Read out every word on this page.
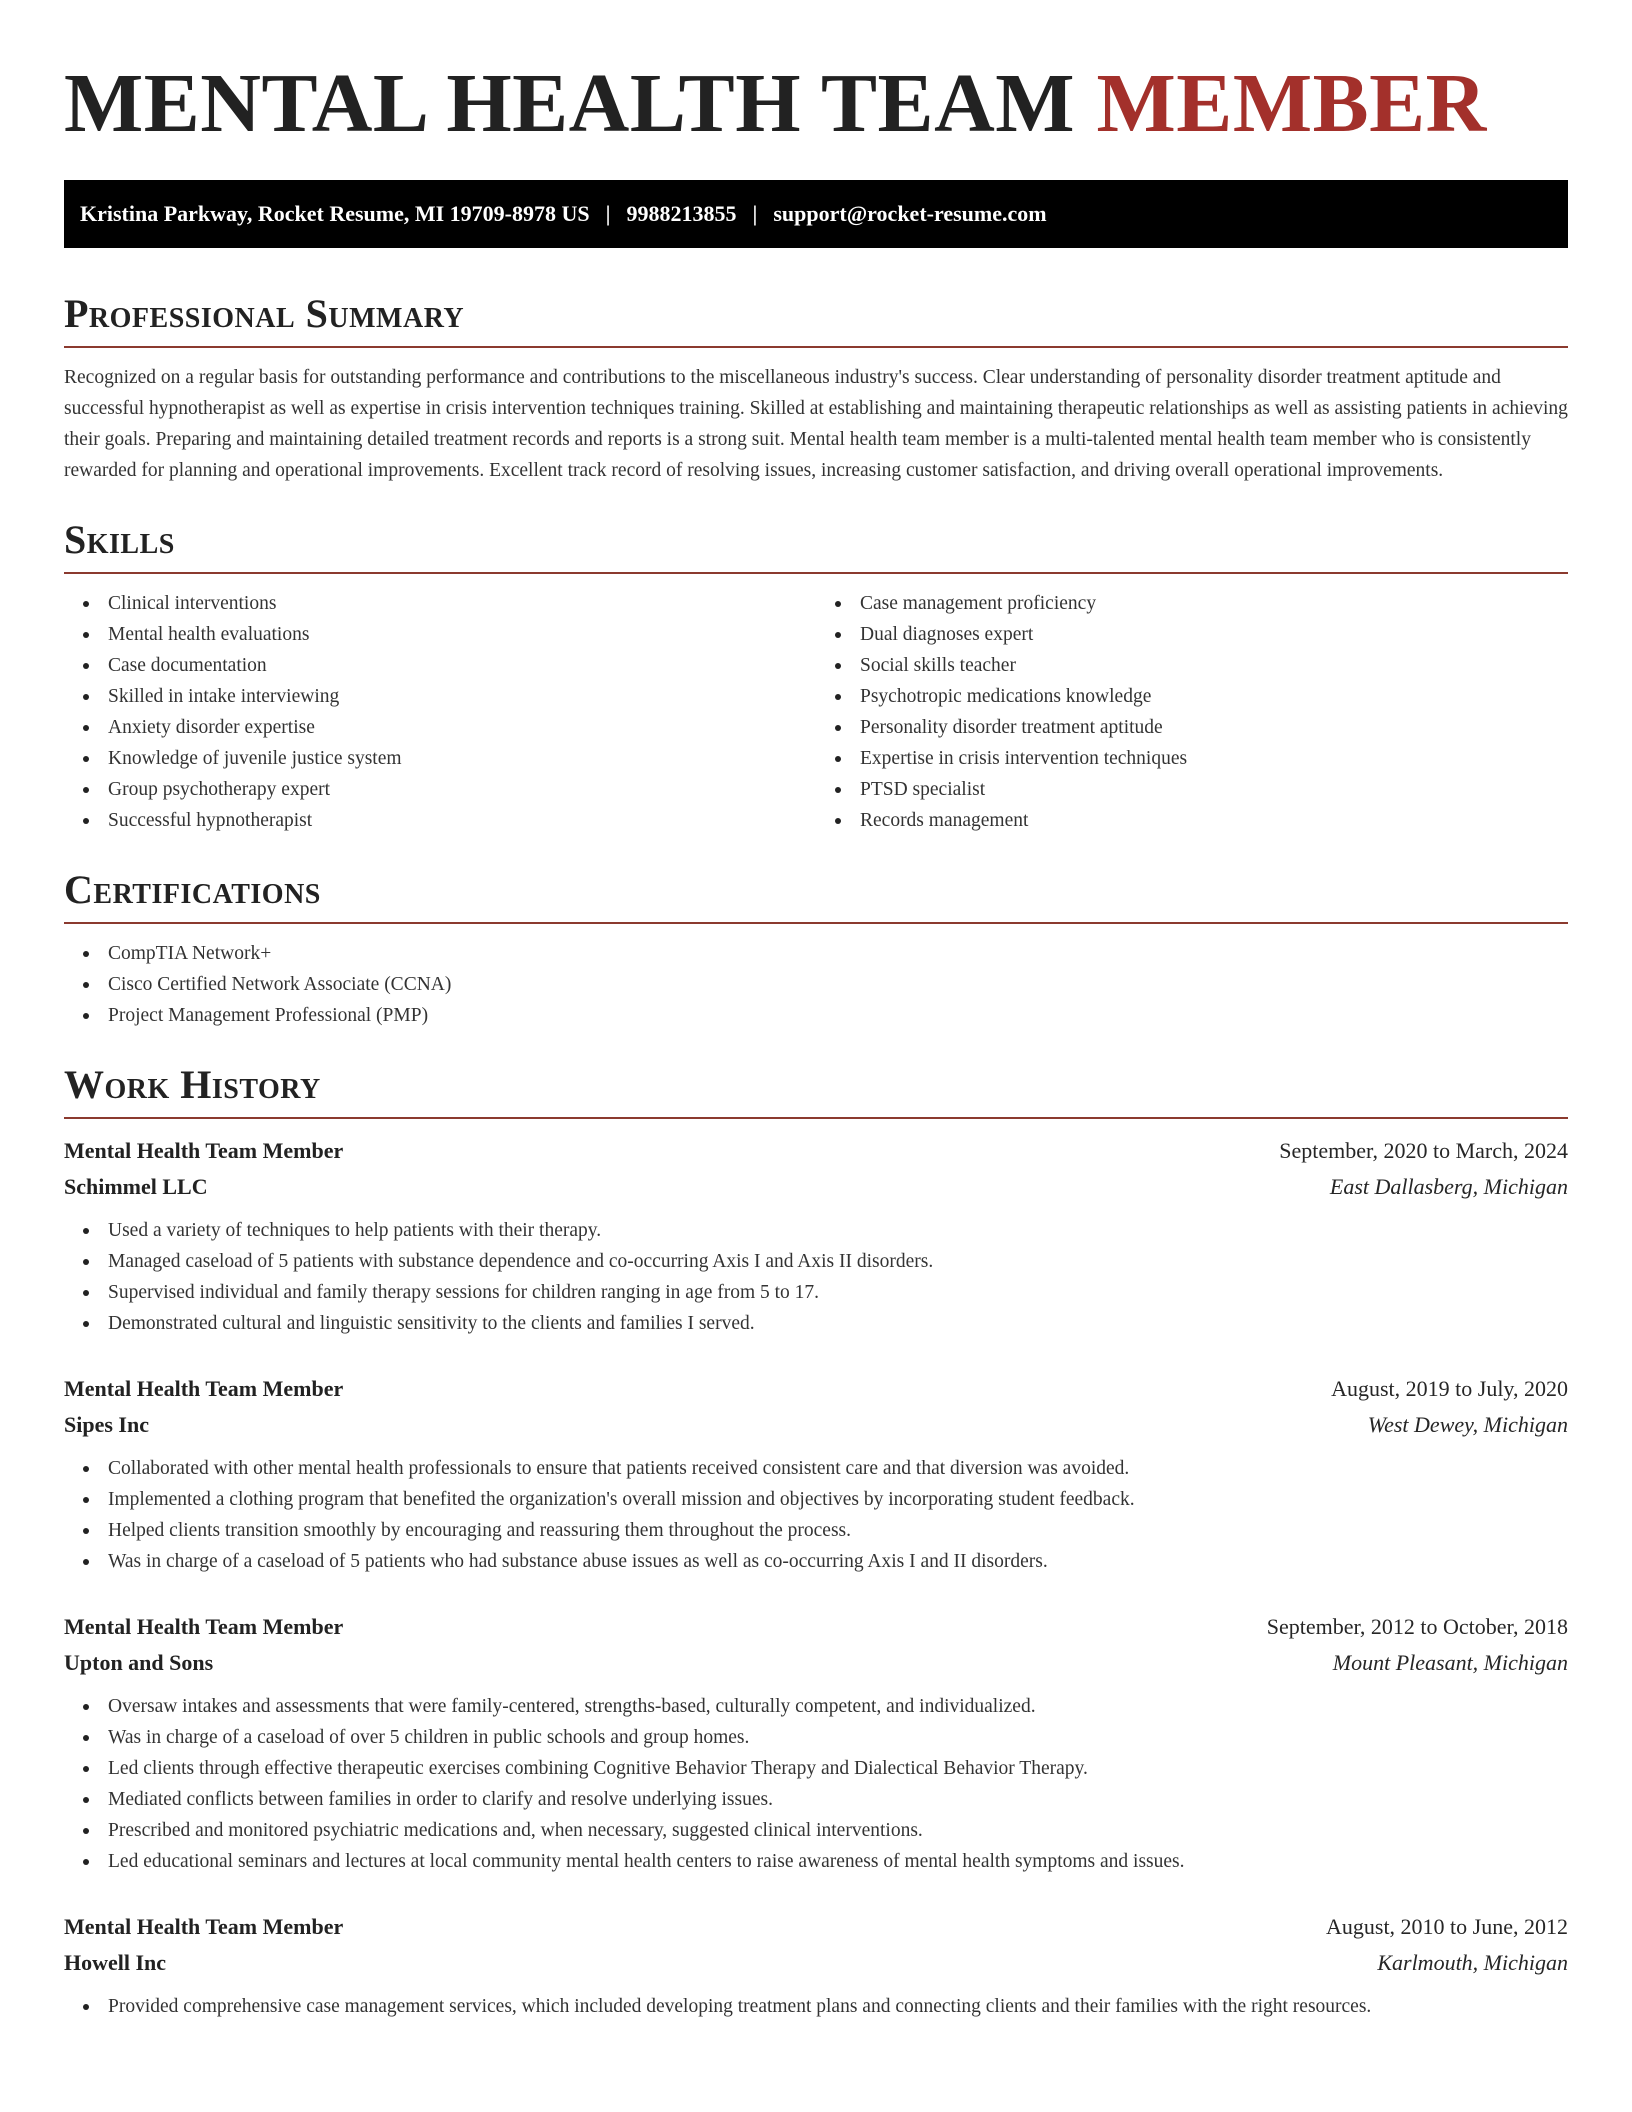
MENTAL HEALTH TEAM MEMBER
Kristina Parkway, Rocket Resume, MI 19709-8978 US | 9988213855 | support@rocket-resume.com
Professional Summary

Recognized on a regular basis for outstanding performance and contributions to the miscellaneous industry's success. Clear understanding of personality disorder treatment aptitude and successful hypnotherapist as well as expertise in crisis intervention techniques training. Skilled at establishing and maintaining therapeutic relationships as well as assisting patients in achieving their goals. Preparing and maintaining detailed treatment records and reports is a strong suit. Mental health team member is a multi-talented mental health team member who is consistently rewarded for planning and operational improvements. Excellent track record of resolving issues, increasing customer satisfaction, and driving overall operational improvements.

Skills
Clinical interventions
Mental health evaluations
Case documentation
Skilled in intake interviewing
Anxiety disorder expertise
Knowledge of juvenile justice system
Group psychotherapy expert
Successful hypnotherapist
Case management proficiency
Dual diagnoses expert
Social skills teacher
Psychotropic medications knowledge
Personality disorder treatment aptitude
Expertise in crisis intervention techniques
PTSD specialist
Records management
Certifications
CompTIA Network+
Cisco Certified Network Associate (CCNA)
Project Management Professional (PMP)
Work History
Mental Health Team Member	September, 2020 to March, 2024
Schimmel LLC	East Dallasberg, Michigan
Used a variety of techniques to help patients with their therapy.
Managed caseload of 5 patients with substance dependence and co-occurring Axis I and Axis II disorders.
Supervised individual and family therapy sessions for children ranging in age from 5 to 17.
Demonstrated cultural and linguistic sensitivity to the clients and families I served.
Mental Health Team Member	August, 2019 to July, 2020
Sipes Inc	West Dewey, Michigan
Collaborated with other mental health professionals to ensure that patients received consistent care and that diversion was avoided.
Implemented a clothing program that benefited the organization's overall mission and objectives by incorporating student feedback.
Helped clients transition smoothly by encouraging and reassuring them throughout the process.
Was in charge of a caseload of 5 patients who had substance abuse issues as well as co-occurring Axis I and II disorders.
Mental Health Team Member	September, 2012 to October, 2018
Upton and Sons	Mount Pleasant, Michigan
Oversaw intakes and assessments that were family-centered, strengths-based, culturally competent, and individualized.
Was in charge of a caseload of over 5 children in public schools and group homes.
Led clients through effective therapeutic exercises combining Cognitive Behavior Therapy and Dialectical Behavior Therapy.
Mediated conflicts between families in order to clarify and resolve underlying issues.
Prescribed and monitored psychiatric medications and, when necessary, suggested clinical interventions.
Led educational seminars and lectures at local community mental health centers to raise awareness of mental health symptoms and issues.
Mental Health Team Member	August, 2010 to June, 2012
Howell Inc	Karlmouth, Michigan
Provided comprehensive case management services, which included developing treatment plans and connecting clients and their families with the right resources.
